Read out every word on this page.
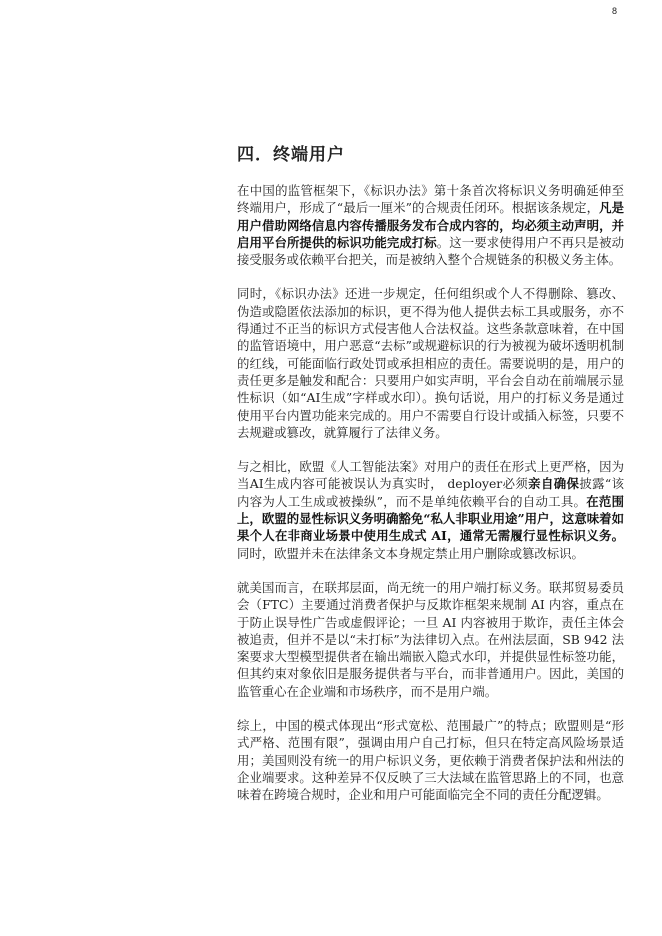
8
四．终端用户

在中国的监管框架下，《标识办法》第十条首次将标识义务明确延伸至终端用户，形成了“最后一厘米”的合规责任闭环。根据该条规定，凡是用户借助网络信息内容传播服务发布合成内容的，均必须主动声明，并启用平台所提供的标识功能完成打标。这一要求使得用户不再只是被动接受服务或依赖平台把关，而是被纳入整个合规链条的积极义务主体。

同时，《标识办法》还进一步规定，任何组织或个人不得删除、篡改、伪造或隐匿依法添加的标识，更不得为他人提供去标工具或服务，亦不得通过不正当的标识方式侵害他人合法权益。这些条款意味着，在中国的监管语境中，用户恶意“去标”或规避标识的行为被视为破坏透明机制的红线，可能面临行政处罚或承担相应的责任。需要说明的是，用户的责任更多是触发和配合：只要用户如实声明，平台会自动在前端展示显性标识（如“AI生成”字样或水印）。换句话说，用户的打标义务是通过使用平台内置功能来完成的。用户不需要自行设计或插入标签，只要不去规避或篡改，就算履行了法律义务。

与之相比，欧盟《人工智能法案》对用户的责任在形式上更严格，因为当AI生成内容可能被误认为真实时， deployer必须亲自确保披露“该内容为人工生成或被操纵”，而不是单纯依赖平台的自动工具。在范围上，欧盟的显性标识义务明确豁免“私人非职业用途”用户，这意味着如果个人在非商业场景中使用生成式 AI，通常无需履行显性标识义务。同时，欧盟并未在法律条文本身规定禁止用户删除或篡改标识。

就美国而言，在联邦层面，尚无统一的用户端打标义务。联邦贸易委员会（FTC）主要通过消费者保护与反欺诈框架来规制 AI 内容，重点在于防止误导性广告或虚假评论；一旦 AI 内容被用于欺诈，责任主体会被追责，但并不是以“未打标”为法律切入点。在州法层面，SB 942 法案要求大型模型提供者在输出端嵌入隐式水印，并提供显性标签功能，但其约束对象依旧是服务提供者与平台，而非普通用户。因此，美国的监管重心在企业端和市场秩序，而不是用户端。

综上，中国的模式体现出“形式宽松、范围最广”的特点；欧盟则是“形式严格、范围有限”，强调由用户自己打标，但只在特定高风险场景适用；美国则没有统一的用户标识义务，更依赖于消费者保护法和州法的企业端要求。这种差异不仅反映了三大法域在监管思路上的不同，也意味着在跨境合规时，企业和用户可能面临完全不同的责任分配逻辑。
